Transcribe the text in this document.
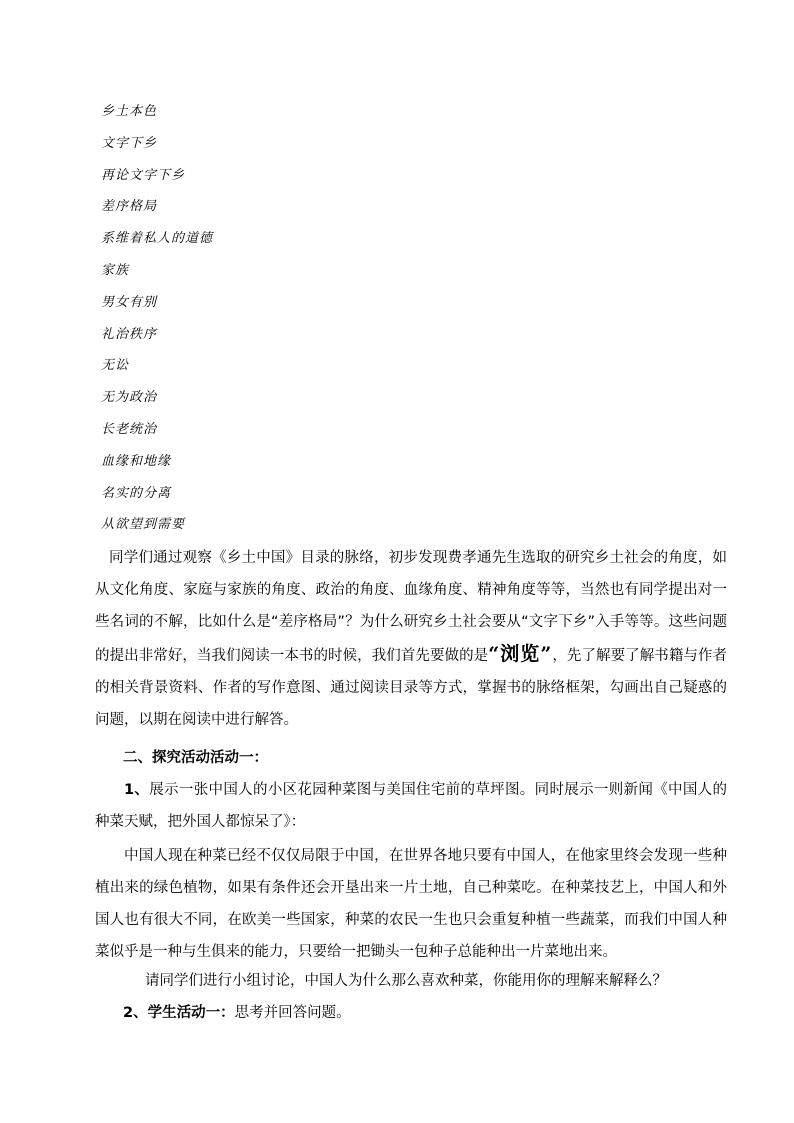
乡土本色
文字下乡
再论文字下乡
差序格局
系维着私人的道德
家族
男女有别
礼治秩序
无讼
无为政治
长老统治
血缘和地缘
名实的分离
从欲望到需要

同学们通过观察《乡土中国》目录的脉络，初步发现费孝通先生选取的研究乡土社会的角度，如从文化角度、家庭与家族的角度、政治的角度、血缘角度、精神角度等等，当然也有同学提出对一些名词的不解，比如什么是“差序格局”？为什么研究乡土社会要从“文字下乡”入手等等。这些问题的提出非常好，当我们阅读一本书的时候，我们首先要做的是“浏览”，先了解要了解书籍与作者的相关背景资料、作者的写作意图、通过阅读目录等方式，掌握书的脉络框架，勾画出自己疑惑的问题，以期在阅读中进行解答。

二、探究活动活动一：

1、展示一张中国人的小区花园种菜图与美国住宅前的草坪图。同时展示一则新闻《中国人的种菜天赋，把外国人都惊呆了》：

中国人现在种菜已经不仅仅局限于中国，在世界各地只要有中国人，在他家里终会发现一些种植出来的绿色植物，如果有条件还会开垦出来一片土地，自己种菜吃。在种菜技艺上，中国人和外国人也有很大不同，在欧美一些国家，种菜的农民一生也只会重复种植一些蔬菜，而我们中国人种菜似乎是一种与生俱来的能力，只要给一把锄头一包种子总能种出一片菜地出来。

请同学们进行小组讨论，中国人为什么那么喜欢种菜，你能用你的理解来解释么？

2、学生活动一：思考并回答问题。
